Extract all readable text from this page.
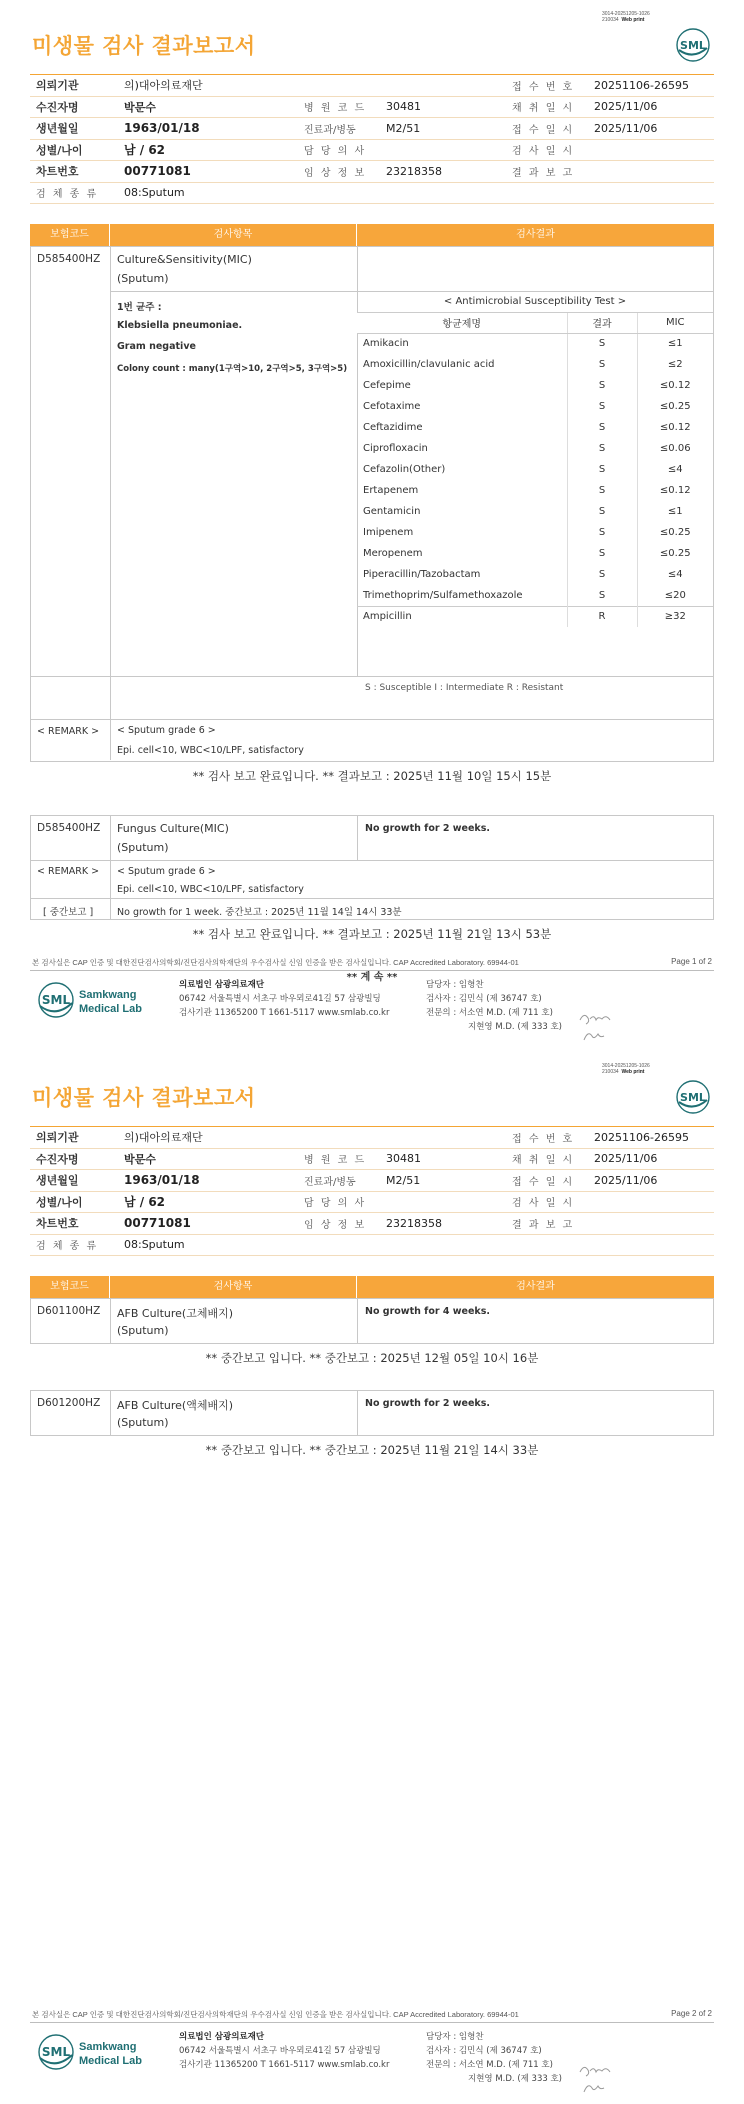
3014-20251205-1026
210034 Web print
미생물 검사 결과보고서	SML
의뢰기관	의)대아의료재단			접 수 번 호	20251106-26595
수진자명	박문수	병 원 코 드	30481	채 취 일 시	2025/11/06
생년월일	1963/01/18	진료과/병동	M2/51	접 수 일 시	2025/11/06
성별/나이	남 / 62	담 당 의 사		검 사 일 시	
차트번호	00771081	임 상 정 보	23218358	결 과 보 고	
검 체 종 류	08:Sputum				
보험코드	검사항목	검사결과
D585400HZ Culture&Sensitivity(MIC)
(Sputum)
1번 균주 :
Klebsiella pneumoniae.
Gram negative
Colony count : many(1구역>10, 2구역>5, 3구역>5)
S : Susceptible I : Intermediate R : Resistant
< Antimicrobial Susceptibility Test >		
항균제명	결과	MIC
Amikacin	S	≤1
Amoxicillin/clavulanic acid	S	≤2
Cefepime	S	≤0.12
Cefotaxime	S	≤0.25
Ceftazidime	S	≤0.12
Ciprofloxacin	S	≤0.06
Cefazolin(Other)	S	≤4
Ertapenem	S	≤0.12
Gentamicin	S	≤1
Imipenem	S	≤0.25
Meropenem	S	≤0.25
Piperacillin/Tazobactam	S	≤4
Trimethoprim/Sulfamethoxazole	S	≤20
Ampicillin	R	≥32
< REMARK > < Sputum grade 6 >
Epi. cell<10, WBC<10/LPF, satisfactory
** 검사 보고 완료입니다. ** 결과보고 : 2025년 11월 10일 15시 15분
D585400HZ Fungus Culture(MIC)
(Sputum)
No growth for 2 weeks.
< REMARK > < Sputum grade 6 >
Epi. cell<10, WBC<10/LPF, satisfactory
[ 중간보고 ]	No growth for 1 week. 중간보고 : 2025년 11월 14일 14시 33분
** 검사 보고 완료입니다. ** 결과보고 : 2025년 11월 21일 13시 53분
** 계 속 **
본 검사실은 CAP 인증 및 대한진단검사의학회/진단검사의학재단의 우수검사실 신임 인증을 받은 검사실입니다. CAP Accredited Laboratory. 69944-01	Page 1 of 2
SML Samkwang
Medical Lab
의료법인 삼광의료재단
06742 서울특별시 서초구 바우뫼로41길 57 삼광빌딩
검사기관 11365200 T 1661-5117 www.smlab.co.kr
담당자 : 임형찬
검사자 : 김민식 (제 36747 호)
전문의 : 서소연 M.D. (제 711 호)
지현영 M.D. (제 333 호)
3014-20251205-1026
210034 Web print
미생물 검사 결과보고서	SML
의뢰기관	의)대아의료재단			접 수 번 호	20251106-26595
수진자명	박문수	병 원 코 드	30481	채 취 일 시	2025/11/06
생년월일	1963/01/18	진료과/병동	M2/51	접 수 일 시	2025/11/06
성별/나이	남 / 62	담 당 의 사		검 사 일 시	
차트번호	00771081	임 상 정 보	23218358	결 과 보 고	
검 체 종 류	08:Sputum				
보험코드	검사항목	검사결과
D601100HZ AFB Culture(고체배지)
(Sputum)
No growth for 4 weeks.
** 중간보고 입니다. ** 중간보고 : 2025년 12월 05일 10시 16분
D601200HZ AFB Culture(액체배지)
(Sputum)
No growth for 2 weeks.
** 중간보고 입니다. ** 중간보고 : 2025년 11월 21일 14시 33분
본 검사실은 CAP 인증 및 대한진단검사의학회/진단검사의학재단의 우수검사실 신임 인증을 받은 검사실입니다. CAP Accredited Laboratory. 69944-01	Page 2 of 2
SML Samkwang
Medical Lab
의료법인 삼광의료재단
06742 서울특별시 서초구 바우뫼로41길 57 삼광빌딩
검사기관 11365200 T 1661-5117 www.smlab.co.kr
담당자 : 임형찬
검사자 : 김민식 (제 36747 호)
전문의 : 서소연 M.D. (제 711 호)
지현영 M.D. (제 333 호)
